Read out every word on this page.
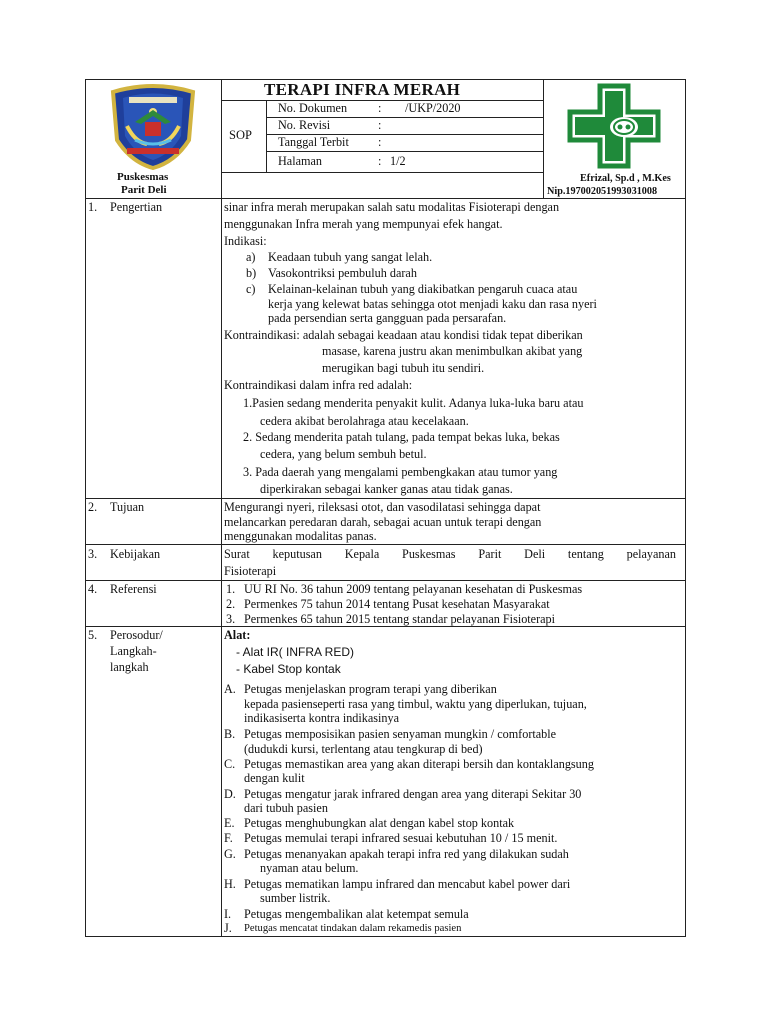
TERAPI INFRA MERAH
SOP
No. Dokumen	: /UKP/2020
No. Revisi	:
Tanggal Terbit :
Halaman	: 1/2
Puskesmas
Parit Deli
Efrizal, Sp.d , M.Kes
Nip.197002051993031008
1. Pengertian	sinar infra merah merupakan salah satu modalitas Fisioterapi dengan
menggunakan Infra merah yang mempunyai efek hangat.
Indikasi:
a) Keadaan tubuh yang sangat lelah.
b) Vasokontriksi pembuluh darah
c) Kelainan-kelainan tubuh yang diakibatkan pengaruh cuaca atau
kerja yang kelewat batas sehingga otot menjadi kaku dan rasa nyeri
pada persendian serta gangguan pada persarafan.
Kontraindikasi: adalah sebagai keadaan atau kondisi tidak tepat diberikan
masase, karena justru akan menimbulkan akibat yang
merugikan bagi tubuh itu sendiri.
Kontraindikasi dalam infra red adalah:
1.Pasien sedang menderita penyakit kulit. Adanya luka-luka baru atau
cedera akibat berolahraga atau kecelakaan.
2. Sedang menderita patah tulang, pada tempat bekas luka, bekas
cedera, yang belum sembuh betul.
3. Pada daerah yang mengalami pembengkakan atau tumor yang
diperkirakan sebagai kanker ganas atau tidak ganas.
2. Tujuan	Mengurangi nyeri, rileksasi otot, dan vasodilatasi sehingga dapat
melancarkan peredaran darah, sebagai acuan untuk terapi dengan
menggunakan modalitas panas.
3. Kebijakan	Surat keputusan Kepala Puskesmas Parit Deli tentang pelayanan
Fisioterapi
4. Referensi	1. UU RI No. 36 tahun 2009 tentang pelayanan kesehatan di Puskesmas
2. Permenkes 75 tahun 2014 tentang Pusat kesehatan Masyarakat
3. Permenkes 65 tahun 2015 tentang standar pelayanan Fisioterapi
5. Perosodur/
Langkah-
langkah
Alat:
- Alat IR( INFRA RED)
- Kabel Stop kontak
A. Petugas menjelaskan program terapi yang diberikan
kepada pasienseperti rasa yang timbul, waktu yang diperlukan, tujuan,
indikasiserta kontra indikasinya
B. Petugas memposisikan pasien senyaman mungkin / comfortable
(dudukdi kursi, terlentang atau tengkurap di bed)
C. Petugas memastikan area yang akan diterapi bersih dan kontaklangsung
dengan kulit
D. Petugas mengatur jarak infrared dengan area yang diterapi Sekitar 30
dari tubuh pasien
E. Petugas menghubungkan alat dengan kabel stop kontak
F. Petugas memulai terapi infrared sesuai kebutuhan 10 / 15 menit.
G. Petugas menanyakan apakah terapi infra red yang dilakukan sudah
nyaman atau belum.
H. Petugas mematikan lampu infrared dan mencabut kabel power dari
sumber listrik.
I. Petugas mengembalikan alat ketempat semula
J. Petugas mencatat tindakan dalam rekamedis pasien
